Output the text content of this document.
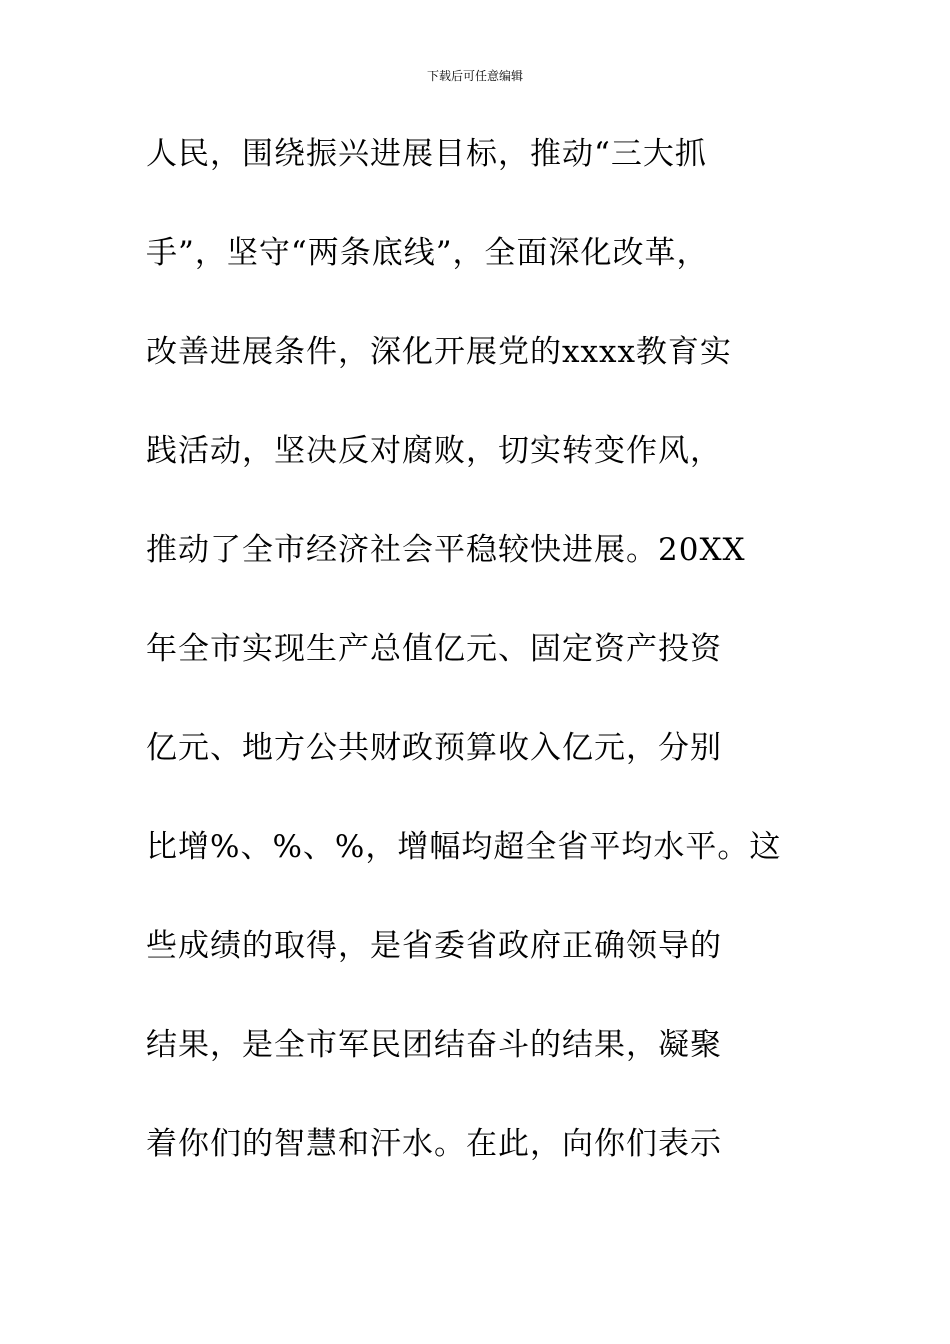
下载后可任意编辑
人民，围绕振兴进展目标，推动“三大抓
手”，坚守“两条底线”，全面深化改革，
改善进展条件，深化开展党的xxxx教育实
践活动，坚决反对腐败，切实转变作风，
推动了全市经济社会平稳较快进展。20XX
年全市实现生产总值亿元、固定资产投资
亿元、地方公共财政预算收入亿元，分别
比增%、%、%，增幅均超全省平均水平。这
些成绩的取得，是省委省政府正确领导的
结果，是全市军民团结奋斗的结果，凝聚
着你们的智慧和汗水。在此，向你们表示
